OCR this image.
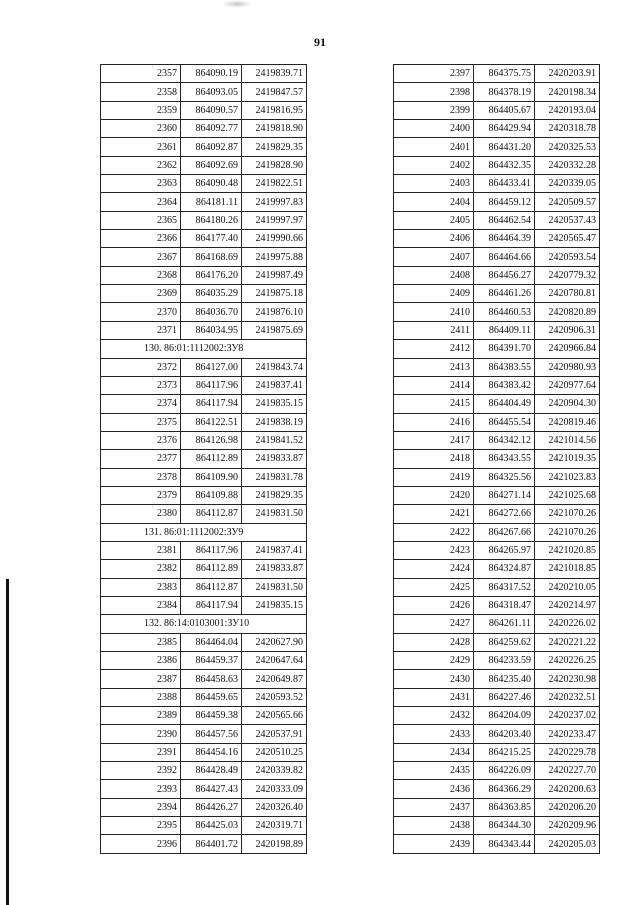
91
2357	864090.19	2419839.71
2358	864093.05	2419847.57
2359	864090.57	2419816.95
2360	864092.77	2419818.90
2361	864092.87	2419829.35
2362	864092.69	2419828.90
2363	864090.48	2419822.51
2364	864181.11	2419997.83
2365	864180.26	2419997.97
2366	864177.40	2419990.66
2367	864168.69	2419975.88
2368	864176.20	2419987.49
2369	864035.29	2419875.18
2370	864036.70	2419876.10
2371	864034.95	2419875.69
130. 86:01:1112002:ЗУ8		
2372	864127.00	2419843.74
2373	864117.96	2419837.41
2374	864117.94	2419835.15
2375	864122.51	2419838.19
2376	864126.98	2419841.52
2377	864112.89	2419833.87
2378	864109.90	2419831.78
2379	864109.88	2419829.35
2380	864112.87	2419831.50
131. 86:01:1112002:ЗУ9		
2381	864117.96	2419837.41
2382	864112.89	2419833.87
2383	864112.87	2419831.50
2384	864117.94	2419835.15
132. 86:14:0103001:ЗУ10		
2385	864464.04	2420627.90
2386	864459.37	2420647.64
2387	864458.63	2420649.87
2388	864459.65	2420593.52
2389	864459.38	2420565.66
2390	864457.56	2420537.91
2391	864454.16	2420510.25
2392	864428.49	2420339.82
2393	864427.43	2420333.09
2394	864426.27	2420326.40
2395	864425.03	2420319.71
2396	864401.72	2420198.89
2397	864375.75	2420203.91
2398	864378.19	2420198.34
2399	864405.67	2420193.04
2400	864429.94	2420318.78
2401	864431.20	2420325.53
2402	864432.35	2420332.28
2403	864433.41	2420339.05
2404	864459.12	2420509.57
2405	864462.54	2420537.43
2406	864464.39	2420565.47
2407	864464.66	2420593.54
2408	864456.27	2420779.32
2409	864461.26	2420780.81
2410	864460.53	2420820.89
2411	864409.11	2420906.31
2412	864391.70	2420966.84
2413	864383.55	2420980.93
2414	864383.42	2420977.64
2415	864404.49	2420904.30
2416	864455.54	2420819.46
2417	864342.12	2421014.56
2418	864343.55	2421019.35
2419	864325.56	2421023.83
2420	864271.14	2421025.68
2421	864272.66	2421070.26
2422	864267.66	2421070.26
2423	864265.97	2421020.85
2424	864324.87	2421018.85
2425	864317.52	2420210.05
2426	864318.47	2420214.97
2427	864261.11	2420226.02
2428	864259.62	2420221.22
2429	864233.59	2420226.25
2430	864235.40	2420230.98
2431	864227.46	2420232.51
2432	864204.09	2420237.02
2433	864203.40	2420233.47
2434	864215.25	2420229.78
2435	864226.09	2420227.70
2436	864366.29	2420200.63
2437	864363.85	2420206.20
2438	864344.30	2420209.96
2439	864343.44	2420205.03
